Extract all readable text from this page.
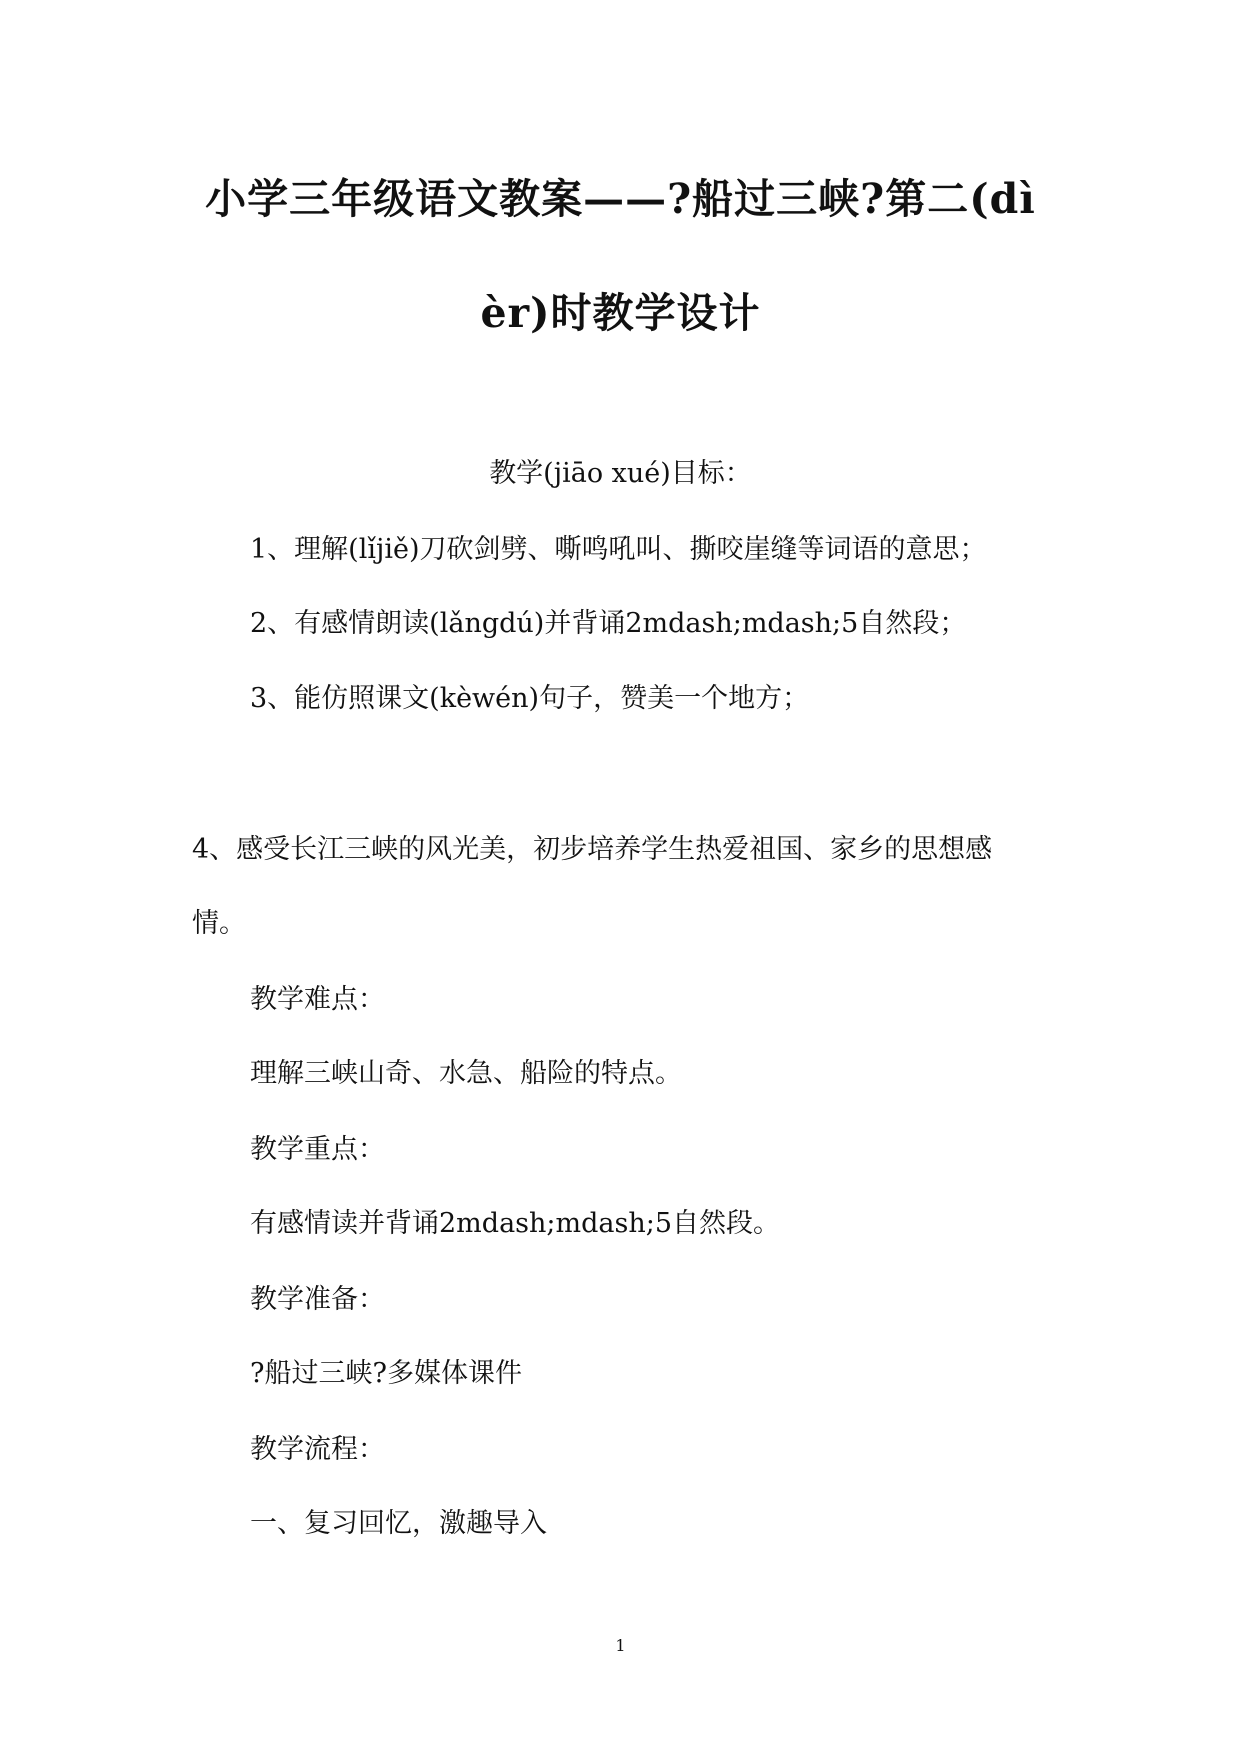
小学三年级语文教案——?船过三峡?第二(dì
èr)时教学设计
教学(jiāo xué)目标：
1、理解(lǐjiě)刀砍剑劈、嘶鸣吼叫、撕咬崖缝等词语的意思；
2、有感情朗读(lǎngdú)并背诵2mdash;mdash;5自然段；
3、能仿照课文(kèwén)句子，赞美一个地方；
4、感受长江三峡的风光美，初步培养学生热爱祖国、家乡的思想感
情。
教学难点：
理解三峡山奇、水急、船险的特点。
教学重点：
有感情读并背诵2mdash;mdash;5自然段。
教学准备：
?船过三峡?多媒体课件
教学流程：
一、复习回忆，激趣导入
1
